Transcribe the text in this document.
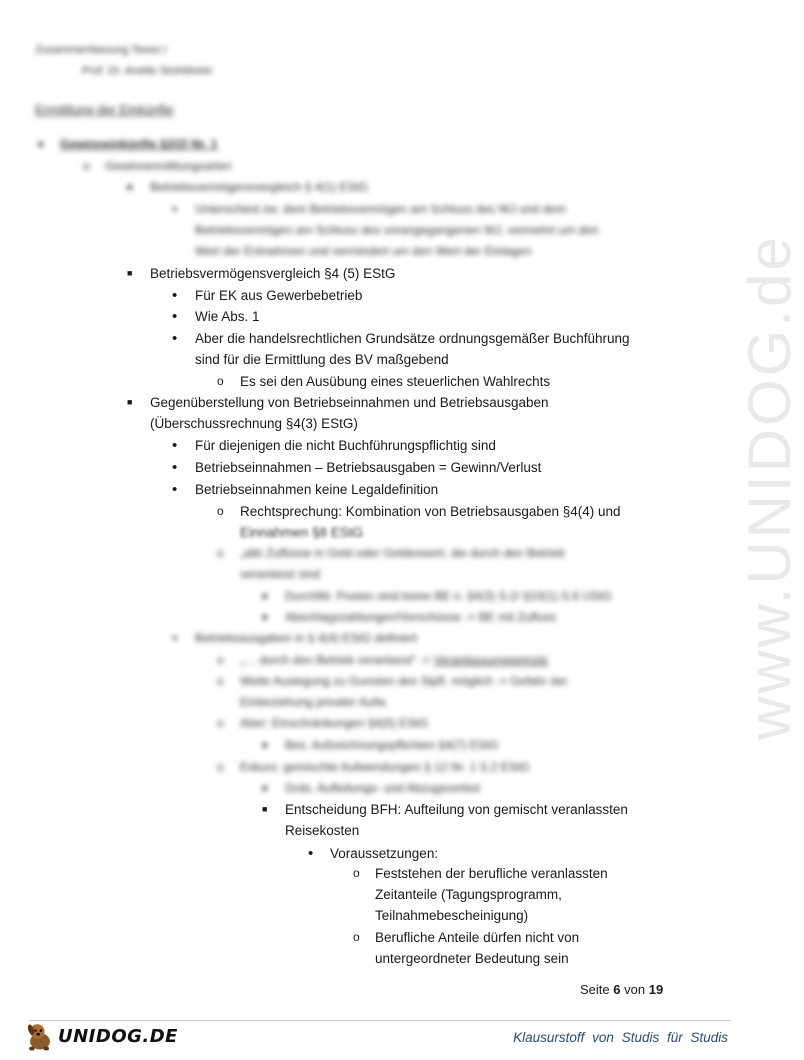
www.UNIDOG.de
Zusammenfassung Taxes I
Prof. Dr. Anette Stuhldreier
Ermittlung der Einkünfte
■ Gewinneinkünfte §2(2) Nr. 1
o Gewinnermittlungsarten
■ Betriebsvermögensvergleich § 4(1) EStG
• Unterschied zw. dem Betriebsvermögen am Schluss des WJ und dem
Betriebsvermögen am Schluss des vorangegangenen WJ, vermehrt um den
Wert der Entnahmen und vermindert um den Wert der Einlagen
■ Betriebsvermögensvergleich §4 (5) EStG
• Für EK aus Gewerbebetrieb
• Wie Abs. 1
• Aber die handelsrechtlichen Grundsätze ordnungsgemäßer Buchführung
sind für die Ermittlung des BV maßgebend
o Es sei den Ausübung eines steuerlichen Wahlrechts
■ Gegenüberstellung von Betriebseinnahmen und Betriebsausgaben
(Überschussrechnung §4(3) EStG)
• Für diejenigen die nicht Buchführungspflichtig sind
• Betriebseinnahmen – Betriebsausgaben = Gewinn/Verlust
• Betriebseinnahmen keine Legaldefinition
o Rechtsprechung: Kombination von Betriebsausgaben §4(4) und
Einnahmen §8 EStG
o „alle Zuflüsse in Geld oder Geldeswert, die durch den Betrieb
veranlasst sind
■ Durchlfd. Posten sind keine BE n. §4(3) S.2/ §10(1) S.6 UStG
■ Abschlagszahlungen/Vorschüsse -> BE mit Zufluss
• Betriebsausgaben in § 4(4) EStG definiert
o „… durch den Betrieb veranlasst“ -> Veranlassungsprinzip
o Weite Auslegung zu Gunsten des Stpfl. möglich -> Gefahr der
Einbeziehung privater Aufw.
o Aber: Einschränkungen §4(5) EStG
■ Bes. Aufzeichnungspflichten §4(7) EStG
o Exkurs: gemischte Aufwendungen § 12 Nr. 1 S.2 EStG
■ Grds. Aufteilungs- und Abzugsverbot
■ Entscheidung BFH: Aufteilung von gemischt veranlassten
Reisekosten
• Voraussetzungen:
o Feststehen der berufliche veranlassten
Zeitanteile (Tagungsprogramm,
Teilnahmebescheinigung)
o Berufliche Anteile dürfen nicht von
untergeordneter Bedeutung sein
Seite 6 von 19
UNIDOG.DE	Klausurstoff von Studis für Studis
